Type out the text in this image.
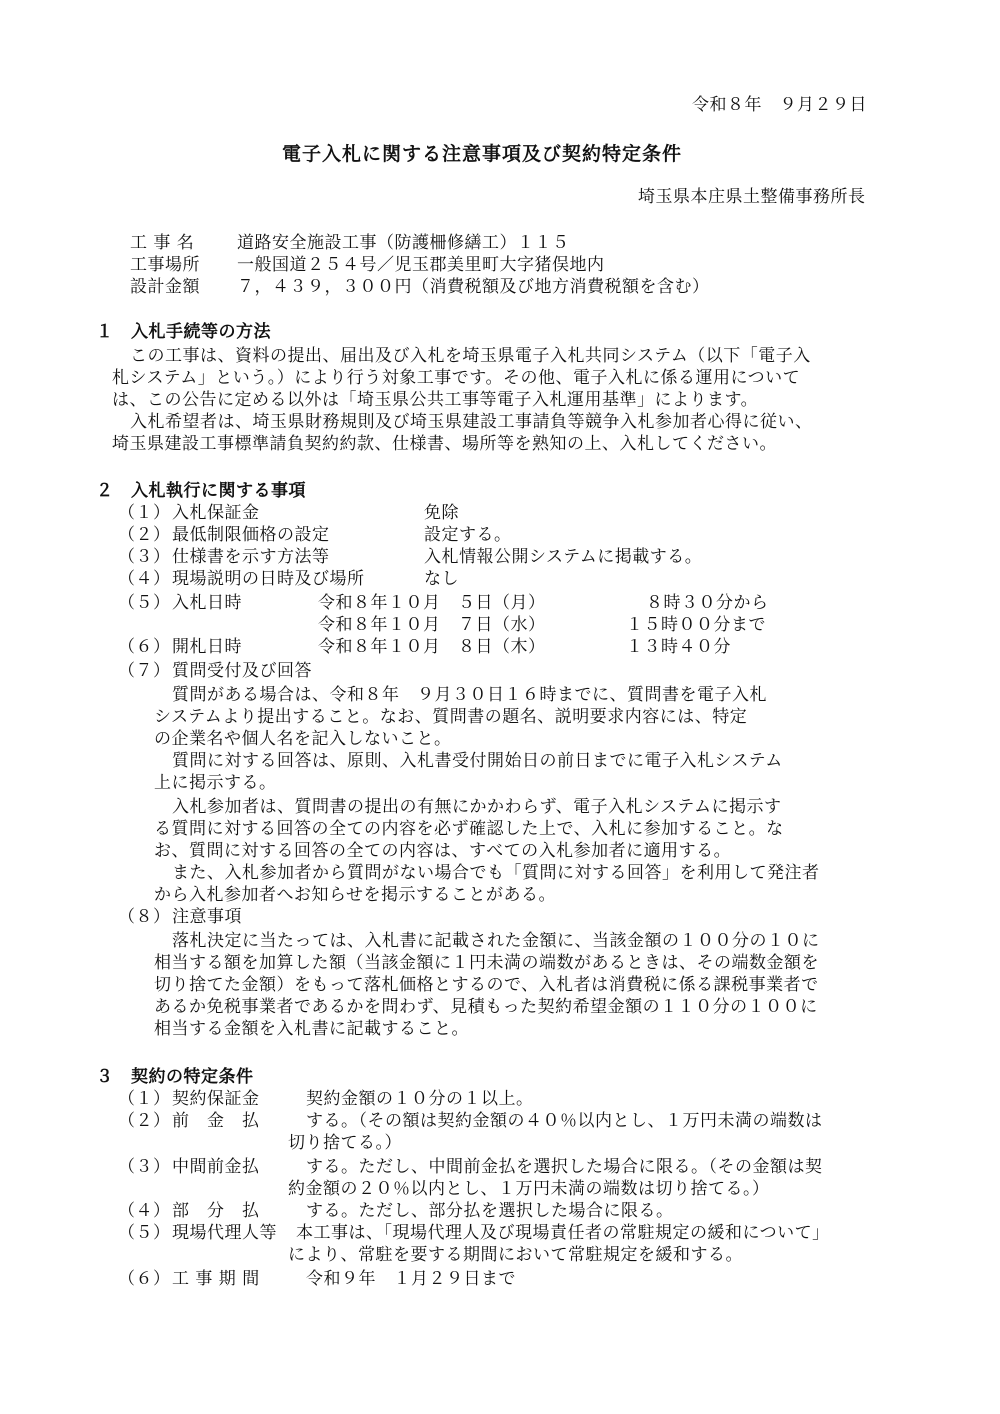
令和８年　９月２９日
電子入札に関する注意事項及び契約特定条件
埼玉県本庄県土整備事務所長
工 事 名	道路安全施設工事（防護柵修繕工）１１５
工事場所 一般国道２５４号／児玉郡美里町大字猪俣地内
設計金額 ７，４３９，３００円（消費税額及び地方消費税額を含む）
１　入札手続等の方法
この工事は、資料の提出、届出及び入札を埼玉県電子入札共同システム（以下「電子入
札システム」という。）により行う対象工事です。その他、電子入札に係る運用について
は、この公告に定める以外は「埼玉県公共工事等電子入札運用基準」によります。
入札希望者は、埼玉県財務規則及び埼玉県建設工事請負等競争入札参加者心得に従い、
埼玉県建設工事標準請負契約約款、仕様書、場所等を熟知の上、入札してください。
２　入札執行に関する事項
（１） 入札保証金	免除
（２） 最低制限価格の設定	設定する。
（３） 仕様書を示す方法等	入札情報公開システムに掲載する。
（４） 現場説明の日時及び場所	なし
（５） 入札日時	令和８年１０月　５日（月）	８時３０分から
令和８年１０月　７日（水）	１５時００分まで
（６） 開札日時	令和８年１０月　８日（木）	１３時４０分
（７） 質問受付及び回答
質問がある場合は、令和８年　９月３０日１６時までに、質問書を電子入札
システムより提出すること。なお、質問書の題名、説明要求内容には、特定
の企業名や個人名を記入しないこと。
質問に対する回答は、原則、入札書受付開始日の前日までに電子入札システム
上に掲示する。
入札参加者は、質問書の提出の有無にかかわらず、電子入札システムに掲示す
る質問に対する回答の全ての内容を必ず確認した上で、入札に参加すること。な
お、質問に対する回答の全ての内容は、すべての入札参加者に適用する。
また、入札参加者から質問がない場合でも「質問に対する回答」を利用して発注者
から入札参加者へお知らせを掲示することがある。
（８） 注意事項
落札決定に当たっては、入札書に記載された金額に、当該金額の１００分の１０に
相当する額を加算した額（当該金額に１円未満の端数があるときは、その端数金額を
切り捨てた金額）をもって落札価格とするので、入札者は消費税に係る課税事業者で
あるか免税事業者であるかを問わず、見積もった契約希望金額の１１０分の１００に
相当する金額を入札書に記載すること。
３　契約の特定条件
（１） 契約保証金	契約金額の１０分の１以上。
（２） 前　金　払	する。（その額は契約金額の４０％以内とし、１万円未満の端数は
切り捨てる。）
（３） 中間前金払	する。ただし、中間前金払を選択した場合に限る。（その金額は契
約金額の２０％以内とし、１万円未満の端数は切り捨てる。）
（４） 部　分　払	する。ただし、部分払を選択した場合に限る。
（５） 現場代理人等 本工事は、「現場代理人及び現場責任者の常駐規定の緩和について」
により、常駐を要する期間において常駐規定を緩和する。
（６） 工 事 期 間	令和９年　１月２９日まで
